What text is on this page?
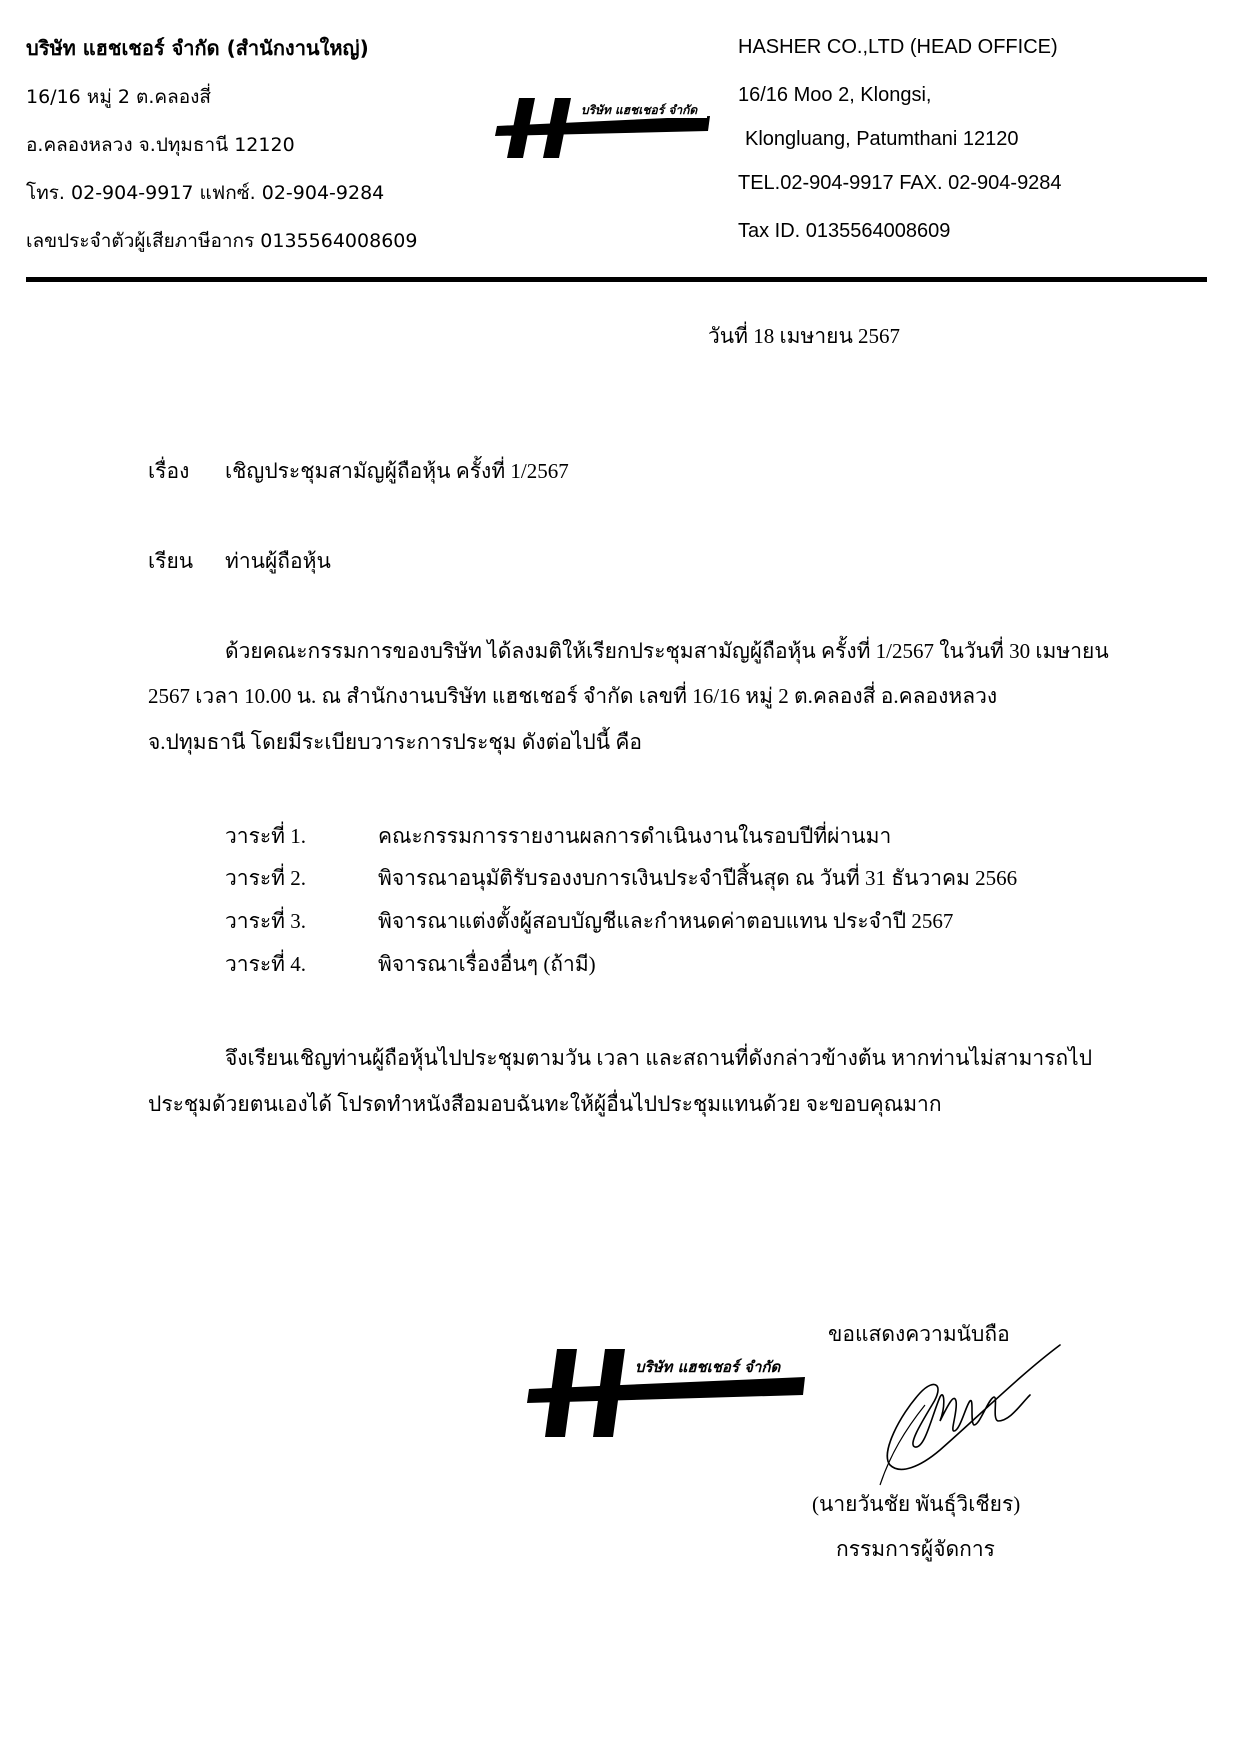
บริษัท แฮชเชอร์ จำกัด (สำนักงานใหญ่)
16/16 หมู่ 2 ต.คลองสี่
อ.คลองหลวง จ.ปทุมธานี 12120
โทร. 02-904-9917 แฟกซ์. 02-904-9284
เลขประจำตัวผู้เสียภาษีอากร 0135564008609
บริษัท แฮชเชอร์ จำกัด
HASHER CO.,LTD (HEAD OFFICE)
16/16 Moo 2, Klongsi,
Klongluang, Patumthani 12120
TEL.02-904-9917 FAX. 02-904-9284
Tax ID. 0135564008609
วันที่ 18 เมษายน 2567
เรื่อง เชิญประชุมสามัญผู้ถือหุ้น ครั้งที่ 1/2567
เรียน ท่านผู้ถือหุ้น
ด้วยคณะกรรมการของบริษัท ได้ลงมติให้เรียกประชุมสามัญผู้ถือหุ้น ครั้งที่ 1/2567 ในวันที่ 30 เมษายน
2567 เวลา 10.00 น. ณ สำนักงานบริษัท แฮชเชอร์ จำกัด เลขที่ 16/16 หมู่ 2 ต.คลองสี่ อ.คลองหลวง
จ.ปทุมธานี โดยมีระเบียบวาระการประชุม ดังต่อไปนี้ คือ
วาระที่ 1.	คณะกรรมการรายงานผลการดำเนินงานในรอบปีที่ผ่านมา
วาระที่ 2.	พิจารณาอนุมัติรับรองงบการเงินประจำปีสิ้นสุด ณ วันที่ 31 ธันวาคม 2566
วาระที่ 3.	พิจารณาแต่งตั้งผู้สอบบัญชีและกำหนดค่าตอบแทน ประจำปี 2567
วาระที่ 4.	พิจารณาเรื่องอื่นๆ (ถ้ามี)
จึงเรียนเชิญท่านผู้ถือหุ้นไปประชุมตามวัน เวลา และสถานที่ดังกล่าวข้างต้น หากท่านไม่สามารถไป
ประชุมด้วยตนเองได้ โปรดทำหนังสือมอบฉันทะให้ผู้อื่นไปประชุมแทนด้วย จะขอบคุณมาก
ขอแสดงความนับถือ
บริษัท แฮชเชอร์ จำกัด
(นายวันชัย พันธุ์วิเชียร)
กรรมการผู้จัดการ
